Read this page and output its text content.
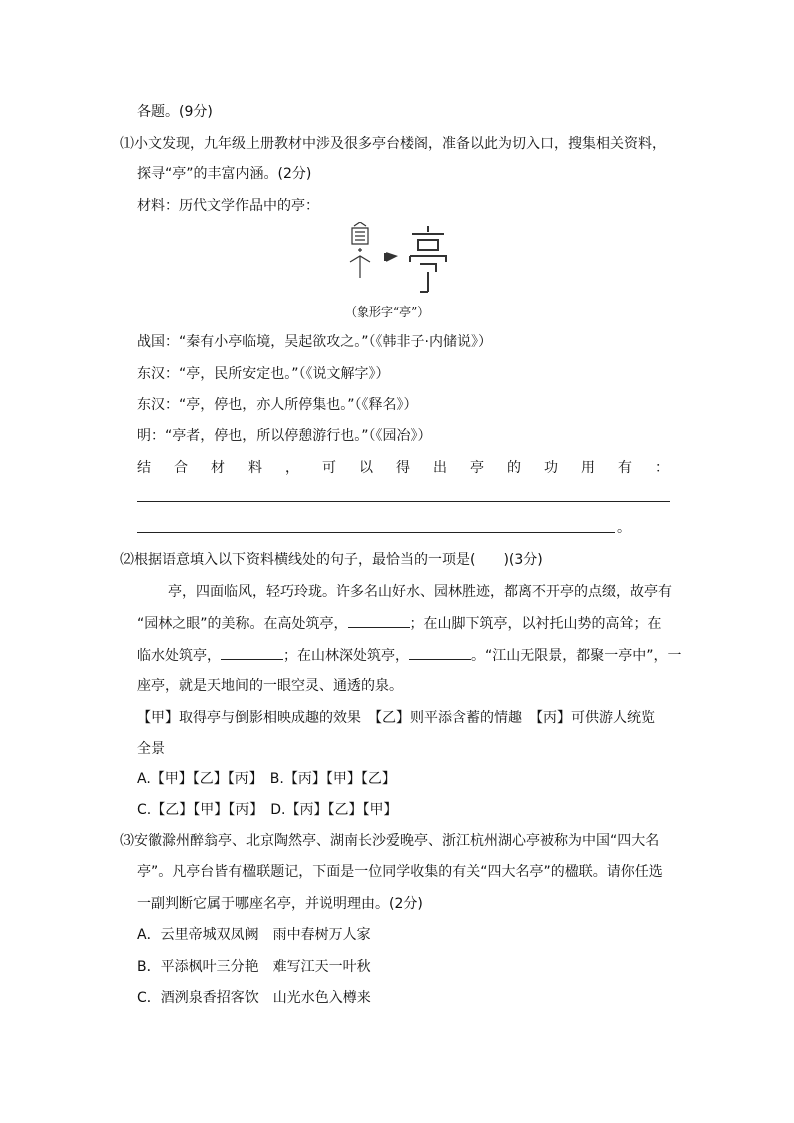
各题。(9分)
⑴小文发现，九年级上册教材中涉及很多亭台楼阁，准备以此为切入口，搜集相关资料，
探寻“亭”的丰富内涵。(2分)
材料：历代文学作品中的亭：
（象形字“亭”）
战国：“秦有小亭临境，吴起欲攻之。”（《韩非子·内储说》）
东汉：“亭，民所安定也。”（《说文解字》）
东汉：“亭，停也，亦人所停集也。”（《释名》）
明：“亭者，停也，所以停憩游行也。”（《园冶》）
结 合 材 料 ， 可 以 得 出 亭 的 功 用 有 ：
。
⑵根据语意填入以下资料横线处的句子，最恰当的一项是(　　)(3分)
亭，四面临风，轻巧玲珑。许多名山好水、园林胜迹，都离不开亭的点缀，故亭有
“园林之眼”的美称。在高处筑亭，	；在山脚下筑亭，以衬托山势的高耸；在
临水处筑亭，	；在山林深处筑亭，	。“江山无限景，都聚一亭中”，一
座亭，就是天地间的一眼空灵、通透的泉。
【甲】取得亭与倒影相映成趣的效果　【乙】则平添含蓄的情趣　【丙】可供游人统览
全景
A.【甲】【乙】【丙】　B.【丙】【甲】【乙】
C.【乙】【甲】【丙】　D.【丙】【乙】【甲】
⑶安徽滁州醉翁亭、北京陶然亭、湖南长沙爱晚亭、浙江杭州湖心亭被称为中国“四大名
亭”。凡亭台皆有楹联题记，下面是一位同学收集的有关“四大名亭”的楹联。请你任选
一副判断它属于哪座名亭，并说明理由。(2分)
A．云里帝城双凤阙　雨中春树万人家
B．平添枫叶三分艳　难写江天一叶秋
C．酒洌泉香招客饮　山光水色入樽来
